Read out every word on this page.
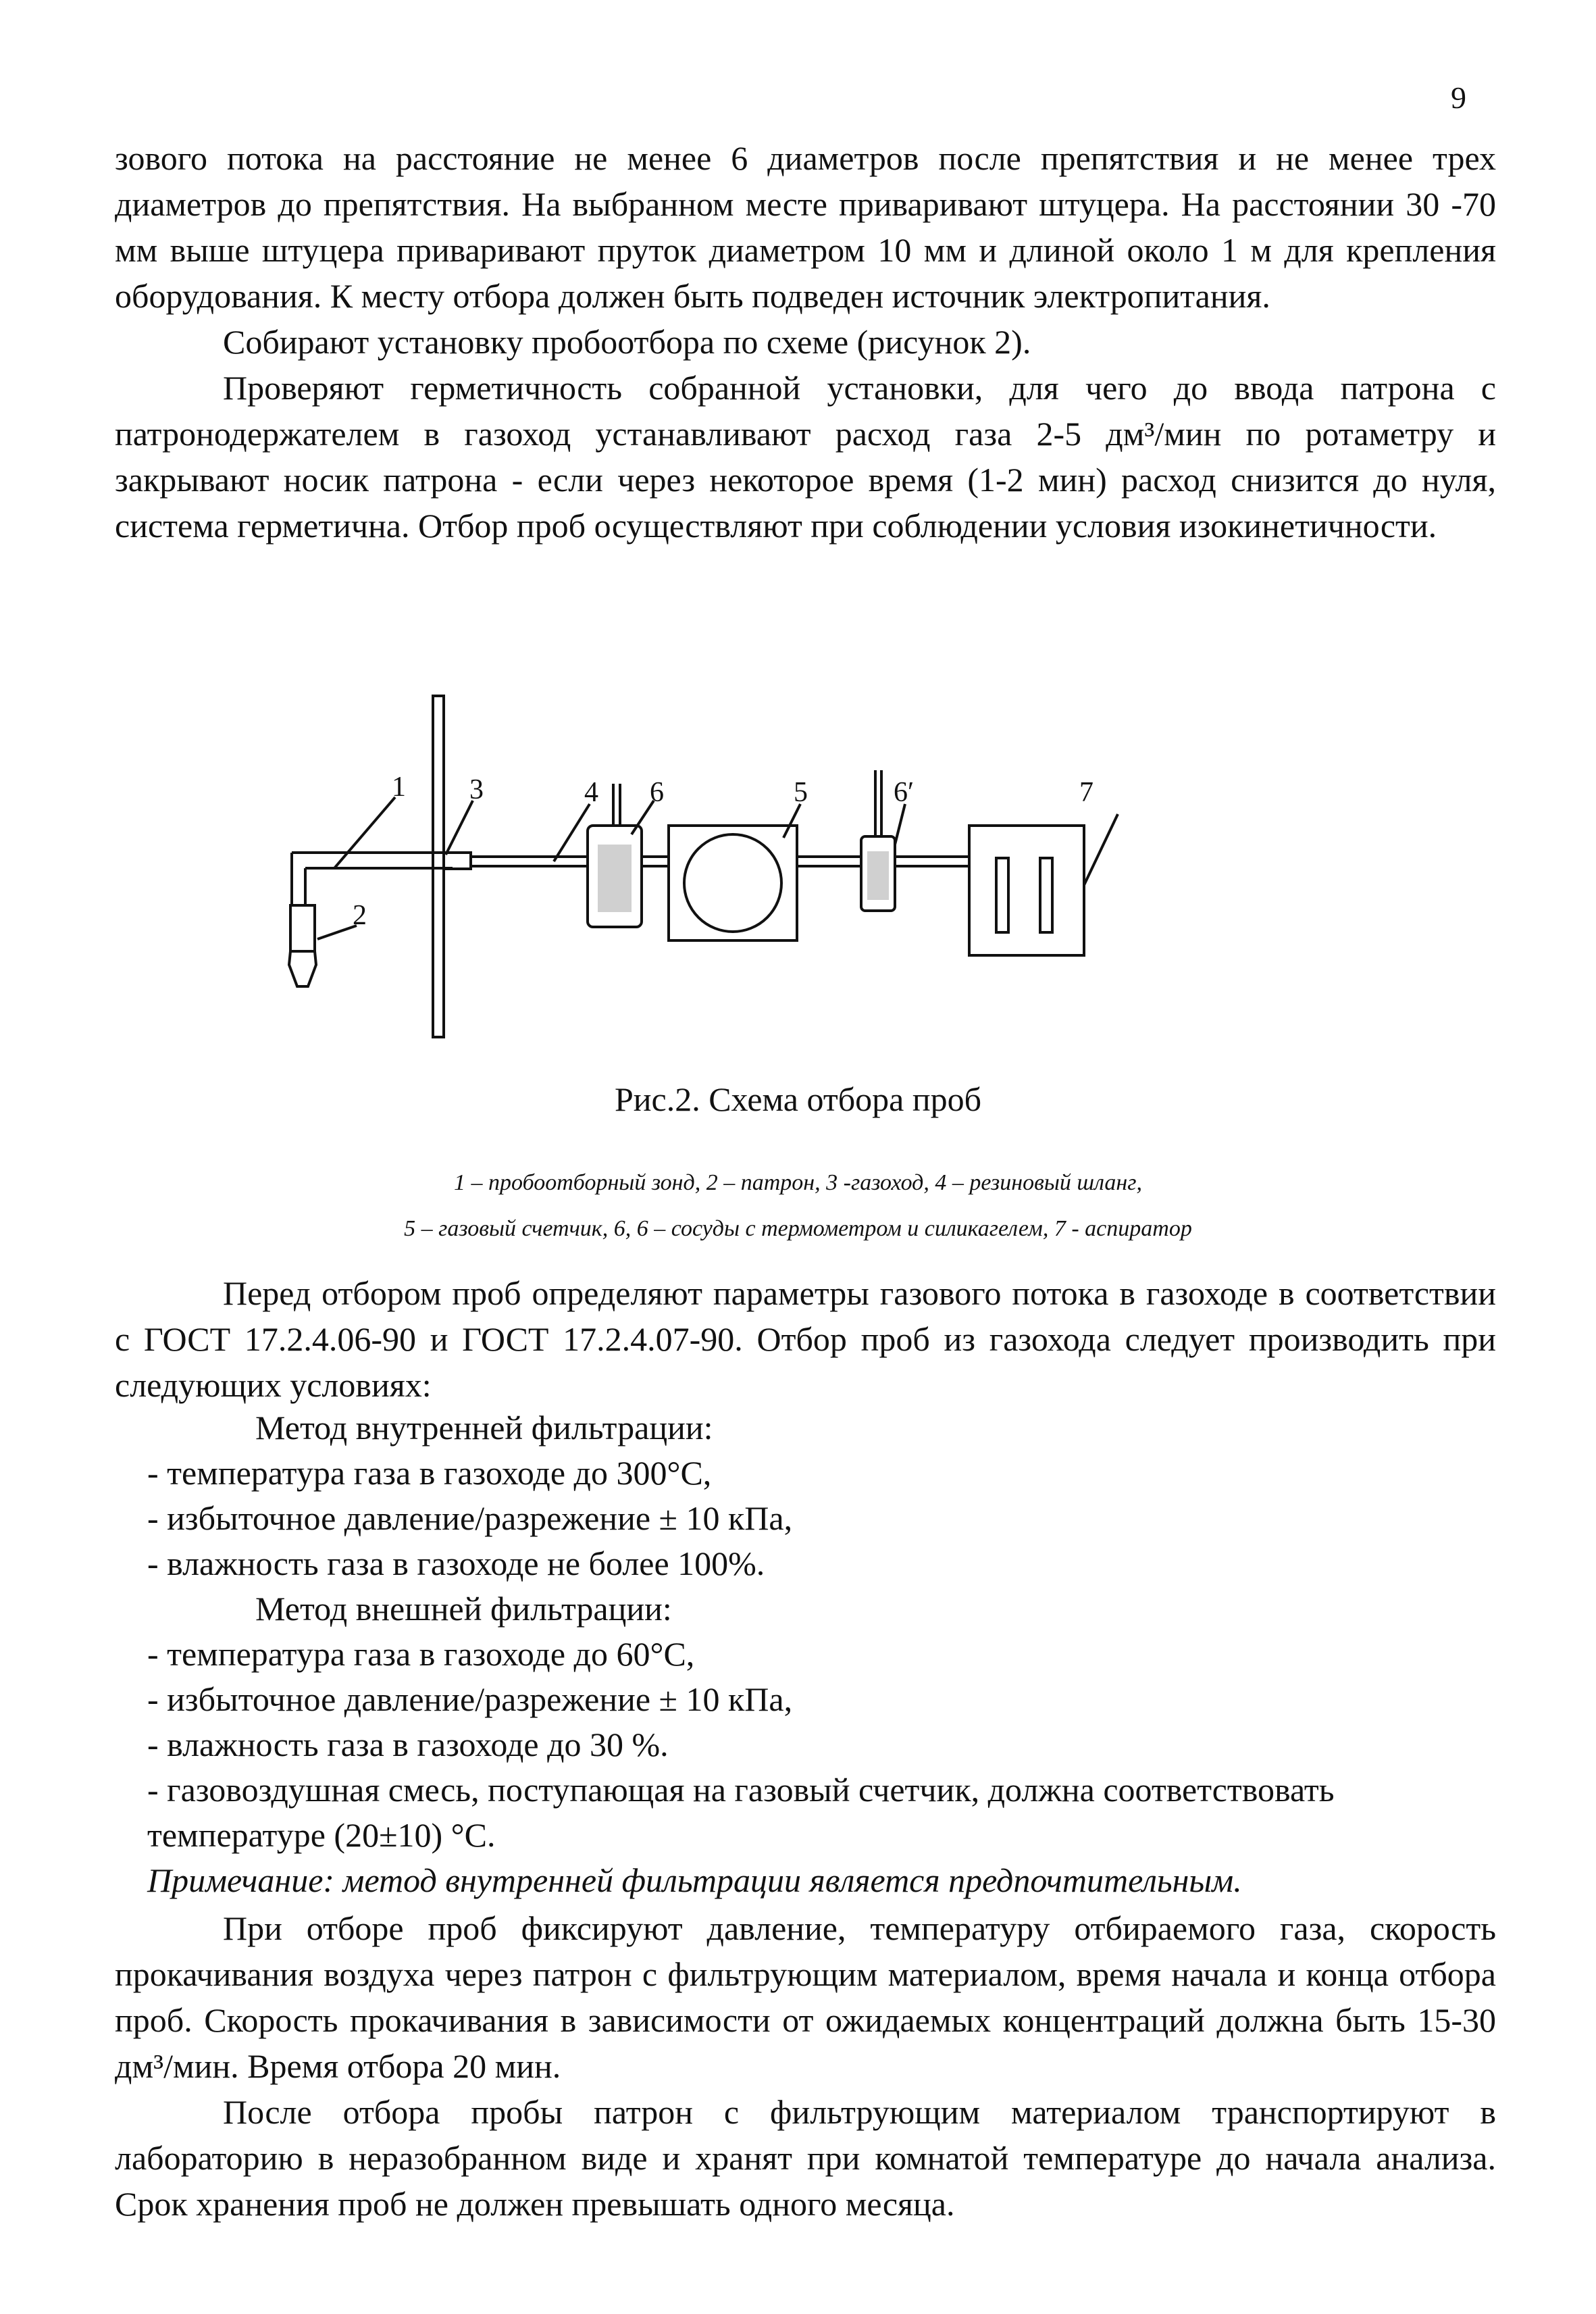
9

зового потока на расстояние не менее 6 диаметров после препятствия и не менее трех диаметров до препятствия. На выбранном месте приваривают штуцера. На расстоянии 30 -70 мм выше штуцера приваривают пруток диаметром 10 мм и длиной около 1 м для крепления оборудования. К месту отбора должен быть подведен источник электропитания.

Собирают установку пробоотбора по схеме (рисунок 2).

Проверяют герметичность собранной установки, для чего до ввода патрона с патронодержателем в газоход устанавливают расход газа 2-5 дм³/мин по ротаметру и закрывают носик патрона - если через некоторое время (1-2 мин) расход снизится до нуля, система герметична. Отбор проб осуществляют при соблюдении условия изокинетичности.

1
2
3	4 6	5	6′	7
Рис.2. Схема отбора проб
1 – пробоотборный зонд, 2 – патрон, 3 -газоход, 4 – резиновый шланг,
5 – газовый счетчик, 6, 6 – сосуды с термометром и силикагелем, 7 - аспиратор

Перед отбором проб определяют параметры газового потока в газоходе в соответствии с ГОСТ 17.2.4.06-90 и ГОСТ 17.2.4.07-90. Отбор проб из газохода следует производить при следующих условиях:

Метод внутренней фильтрации:

- температура газа в газоходе до 300°С,

- избыточное давление/разрежение ± 10 кПа,

- влажность газа в газоходе не более 100%.

Метод внешней фильтрации:

- температура газа в газоходе до 60°С,

- избыточное давление/разрежение ± 10 кПа,

- влажность газа в газоходе до 30 %.

- газовоздушная смесь, поступающая на газовый счетчик, должна соответствовать температуре (20±10) °С.

Примечание: метод внутренней фильтрации является предпочтительным.

При отборе проб фиксируют давление, температуру отбираемого газа, скорость прокачивания воздуха через патрон с фильтрующим материалом, время начала и конца отбора проб. Скорость прокачивания в зависимости от ожидаемых концентраций должна быть 15-30 дм³/мин. Время отбора 20 мин.

После отбора пробы патрон с фильтрующим материалом транспортируют в лабораторию в неразобранном виде и хранят при комнатой температуре до начала анализа. Срок хранения проб не должен превышать одного месяца.
